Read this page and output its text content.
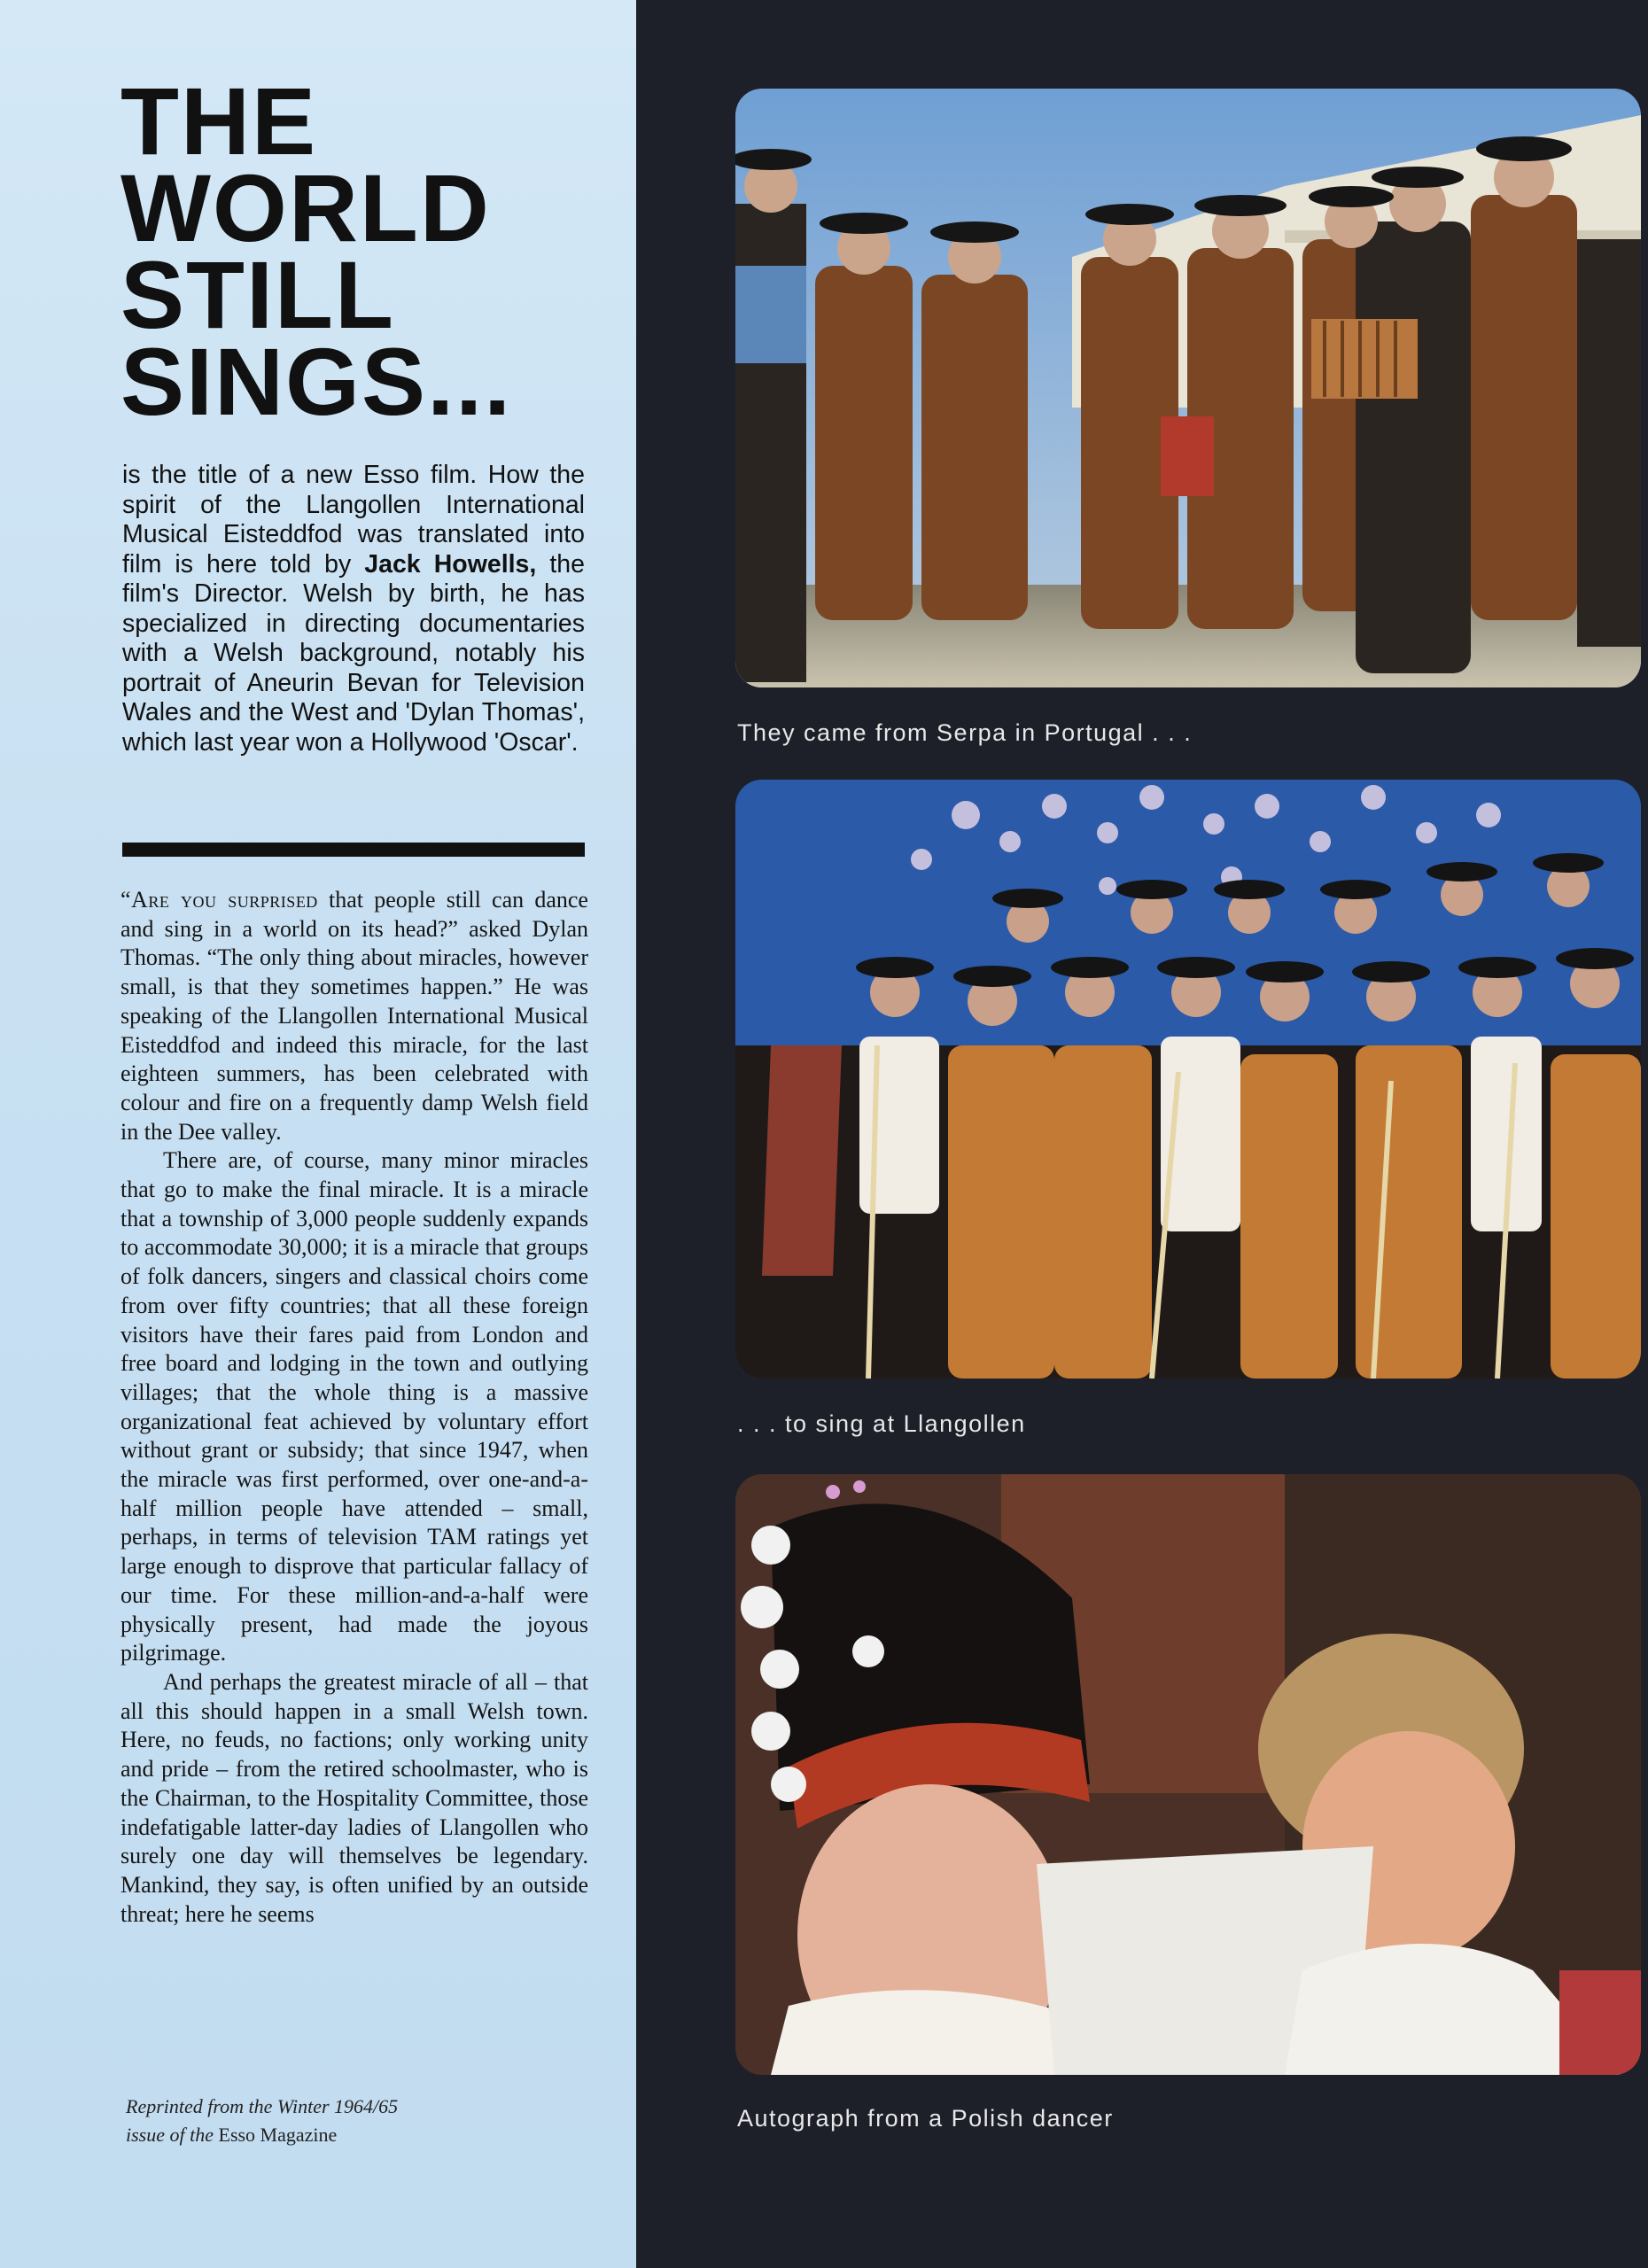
THE
WORLD
STILL
SINGS...
is the title of a new Esso film. How the spirit of the Llangollen International Musical Eisteddfod was translated into film is here told by Jack Howells, the film's Director. Welsh by birth, he has specialized in directing documentaries with a Welsh background, notably his portrait of Aneurin Bevan for Television Wales and the West and 'Dylan Thomas', which last year won a Hollywood 'Oscar'.

“Are you surprised that people still can dance and sing in a world on its head?” asked Dylan Thomas. “The only thing about miracles, however small, is that they sometimes happen.” He was speaking of the Llangollen International Musical Eisteddfod and indeed this miracle, for the last eighteen summers, has been celebrated with colour and fire on a frequently damp Welsh field in the Dee valley.

There are, of course, many minor miracles that go to make the final miracle. It is a miracle that a township of 3,000 people suddenly expands to accommodate 30,000; it is a miracle that groups of folk dancers, singers and classical choirs come from over fifty countries; that all these foreign visitors have their fares paid from London and free board and lodging in the town and outlying villages; that the whole thing is a massive organizational feat achieved by voluntary effort without grant or subsidy; that since 1947, when the miracle was first performed, over one-and-a-half million people have attended – small, perhaps, in terms of television TAM ratings yet large enough to disprove that particular fallacy of our time. For these million-and-a-half were physically present, had made the joyous pilgrimage.

And perhaps the greatest miracle of all – that all this should happen in a small Welsh town. Here, no feuds, no factions; only working unity and pride – from the retired schoolmaster, who is the Chairman, to the Hospitality Committee, those indefatigable latter-day ladies of Llangollen who surely one day will themselves be legendary. Mankind, they say, is often unified by an outside threat; here he seems

Reprinted from the Winter 1964/65
issue of the Esso Magazine
They came from Serpa in Portugal . . .
. . . to sing at Llangollen
Autograph from a Polish dancer
